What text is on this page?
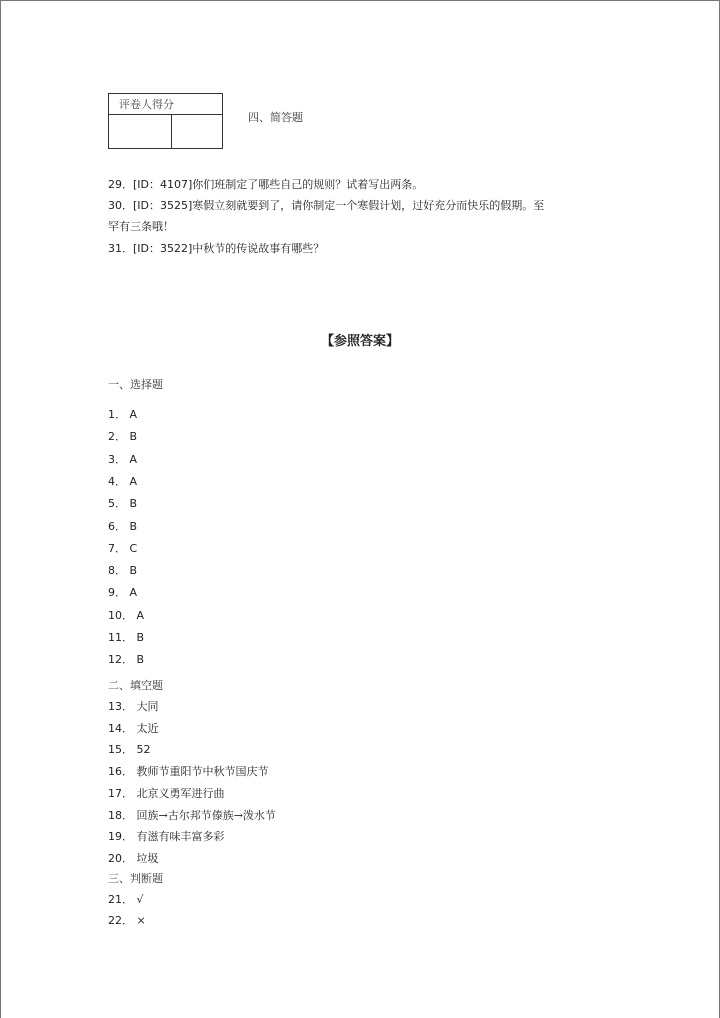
评卷人得分

四、简答题
29．[ID：4107]你们班制定了哪些自己的规则？试着写出两条。
30．[ID：3525]寒假立刻就要到了，请你制定一个寒假计划，过好充分而快乐的假期。至
罕有三条哦！
31．[ID：3522]中秋节的传说故事有哪些？
【参照答案】
一、选择题
1． A
2． B
3． A
4． A
5． B
6． B
7． C
8． B
9． A
10． A
11． B
12． B
二、填空题
13． 大同
14． 太近
15． 52
16． 教师节重阳节中秋节国庆节
17． 北京义勇军进行曲
18． 回族→古尔邦节傣族→泼水节
19． 有滋有味丰富多彩
20． 垃圾
三、判断题
21． √
22． ×
